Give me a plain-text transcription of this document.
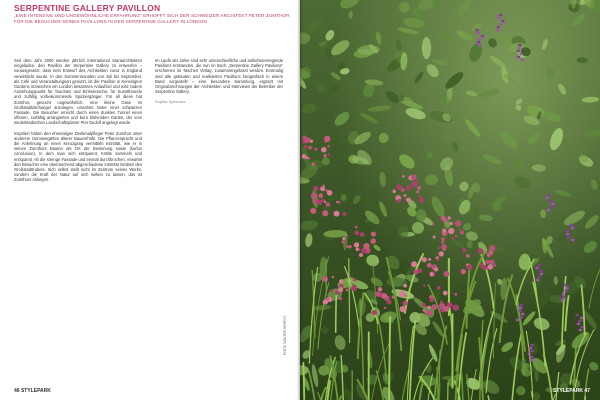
SERPENTINE GALLERY PAVILLON
„EINE INTENSIVE UND UNGEWÖHNLICHE ERFAHRUNG" ERHOFFT SICH DER SCHWEIZER ARCHITEKT PETER ZUMTHOR FÜR DIE BESUCHER SEINES PAVILLONS IN DER SERPENTINE GALLERY IN LONDON

Seit dem Jahr 2000 werden jährlich international Staraarchitekten eingeladen, den Pavillon der Serpentine Gallery zu entwerfen – vorausgesetzt, dass kein Entwurf des Architekten zuvor in England verwirklicht wurde. In den Sommermonaten von Juli bis September, als Café und Veranstaltungsort genutzt, ist der Pavillon in Kensington Gardens inzwischen ein London bekanntes Anlaufziel und wird zudem Anziehungspunkt für Touristen und Einheimische, für Kunstfreunde und zufällig vorbeikommende Spaziergänger. Für all diese hat Zumthor, gesucht ungewöhnlich, eine kleine Oase im Großstadtdschungel anzulegen, umrahmt hinter einer schwarzen Fassade. Die Besucher erreicht durch einen dunklen Tunnel einen offenen, sorfältig arrangierten und bunt blühenden Garten, der vom niederländischen Landschaftsplaner Piet Oudolf angelegt wurde.

Inspiriert haben den ehemaligen Denkmalpfleger Peter Zumthor unter anderem Gemüsegärten älterer Bauernhöfe. Die Pflanzenpracht und die Anlehnung an einen Kreuzgang vermitteln Intimität, wie er in seinen Zumthors Bauten als Ort der Besinnung sowie (kurfux conclusion). In dem man sich entspannt, Kräfte sammeln und entspannt. Ist die strenge Fassade und einmal durchbrochen, erwartet den Besucher eine überraschend abgeschiedene Intimität inmitten des Großstadttrubels. Sich selbst stellt nicht im Zentrum seines Werks, sondern die Kraft der Natur auf sich wirken zu lassen, das ist Zumthors Anliegen.

Im Laufe der Jahre sind sehr unterschiedliche und aufsehenerregende Pavillons entstanden, die nun im Buch „Serpentine Gallery Pavilions" erschienen im Taschen Verlag, zusammengefasst werden. Erstmalig sind alle gebauten und realisierten Pavillons fotografisch in einem Band vorgestellt – eine besondere Sammlung, ergänzt mit Originalzeichnungen der Architekten und Interviews der Betreiber der Serpentine Gallery.

Sophia Sperrows
FOTO: WALTER HERFST
46 STYLEPARK	STYLEPARK 47
